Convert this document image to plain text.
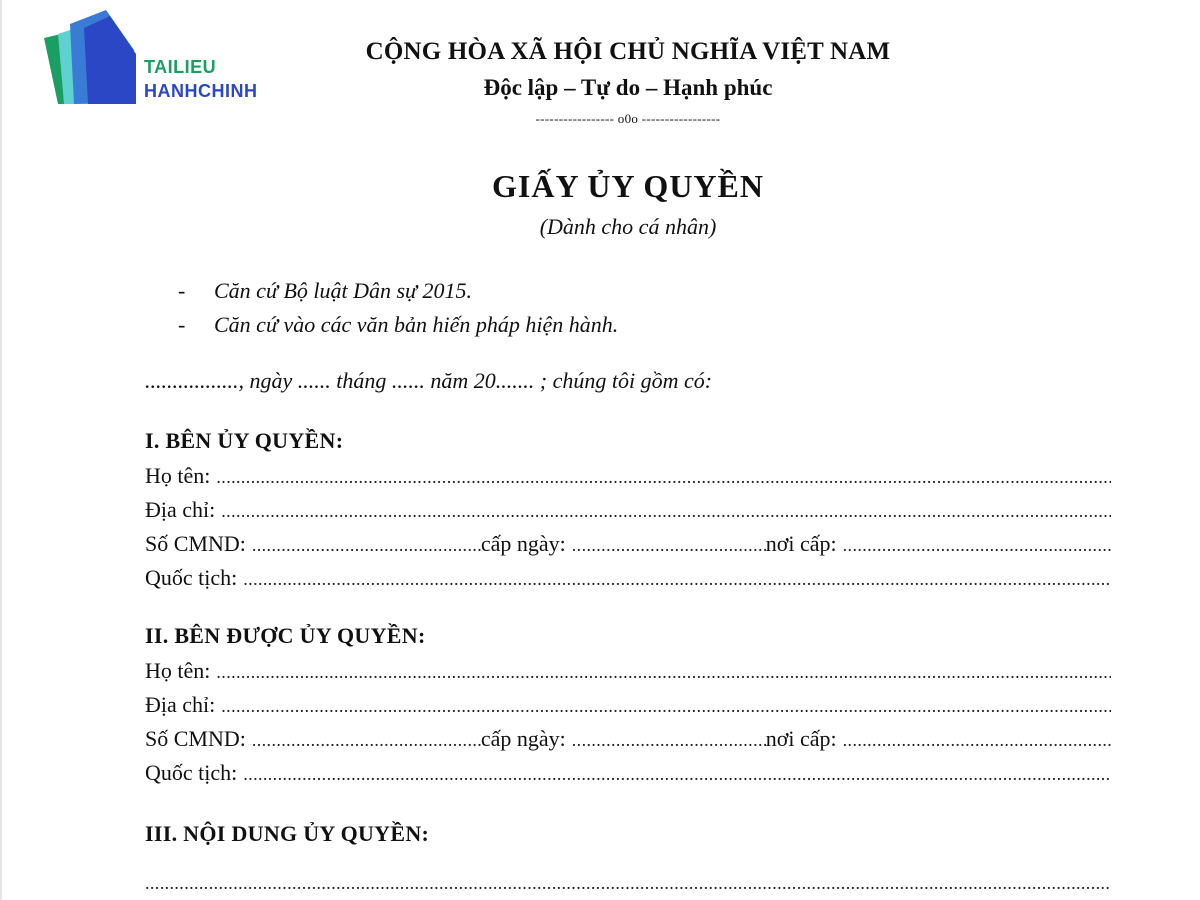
TAILIEU
HANHCHINH
CỘNG HÒA XÃ HỘI CHỦ NGHĨA VIỆT NAM
Độc lập – Tự do – Hạnh phúc
----------------- o0o -----------------
GIẤY ỦY QUYỀN
(Dành cho cá nhân)
- Căn cứ Bộ luật Dân sự 2015.
- Căn cứ vào các văn bản hiến pháp hiện hành.
................., ngày ...... tháng ...... năm 20....... ; chúng tôi gồm có:
I. BÊN ỦY QUYỀN:
Họ tên:
.....
Địa chỉ:
.....
Số CMND: .....	cấp ngày: .....	nơi cấp:
.....
Quốc tịch:
.....
II. BÊN ĐƯỢC ỦY QUYỀN:
Họ tên:
.....
Địa chỉ:
.....
Số CMND: .....	cấp ngày: .....	nơi cấp:
.....
Quốc tịch:
.....
III. NỘI DUNG ỦY QUYỀN:
.....
